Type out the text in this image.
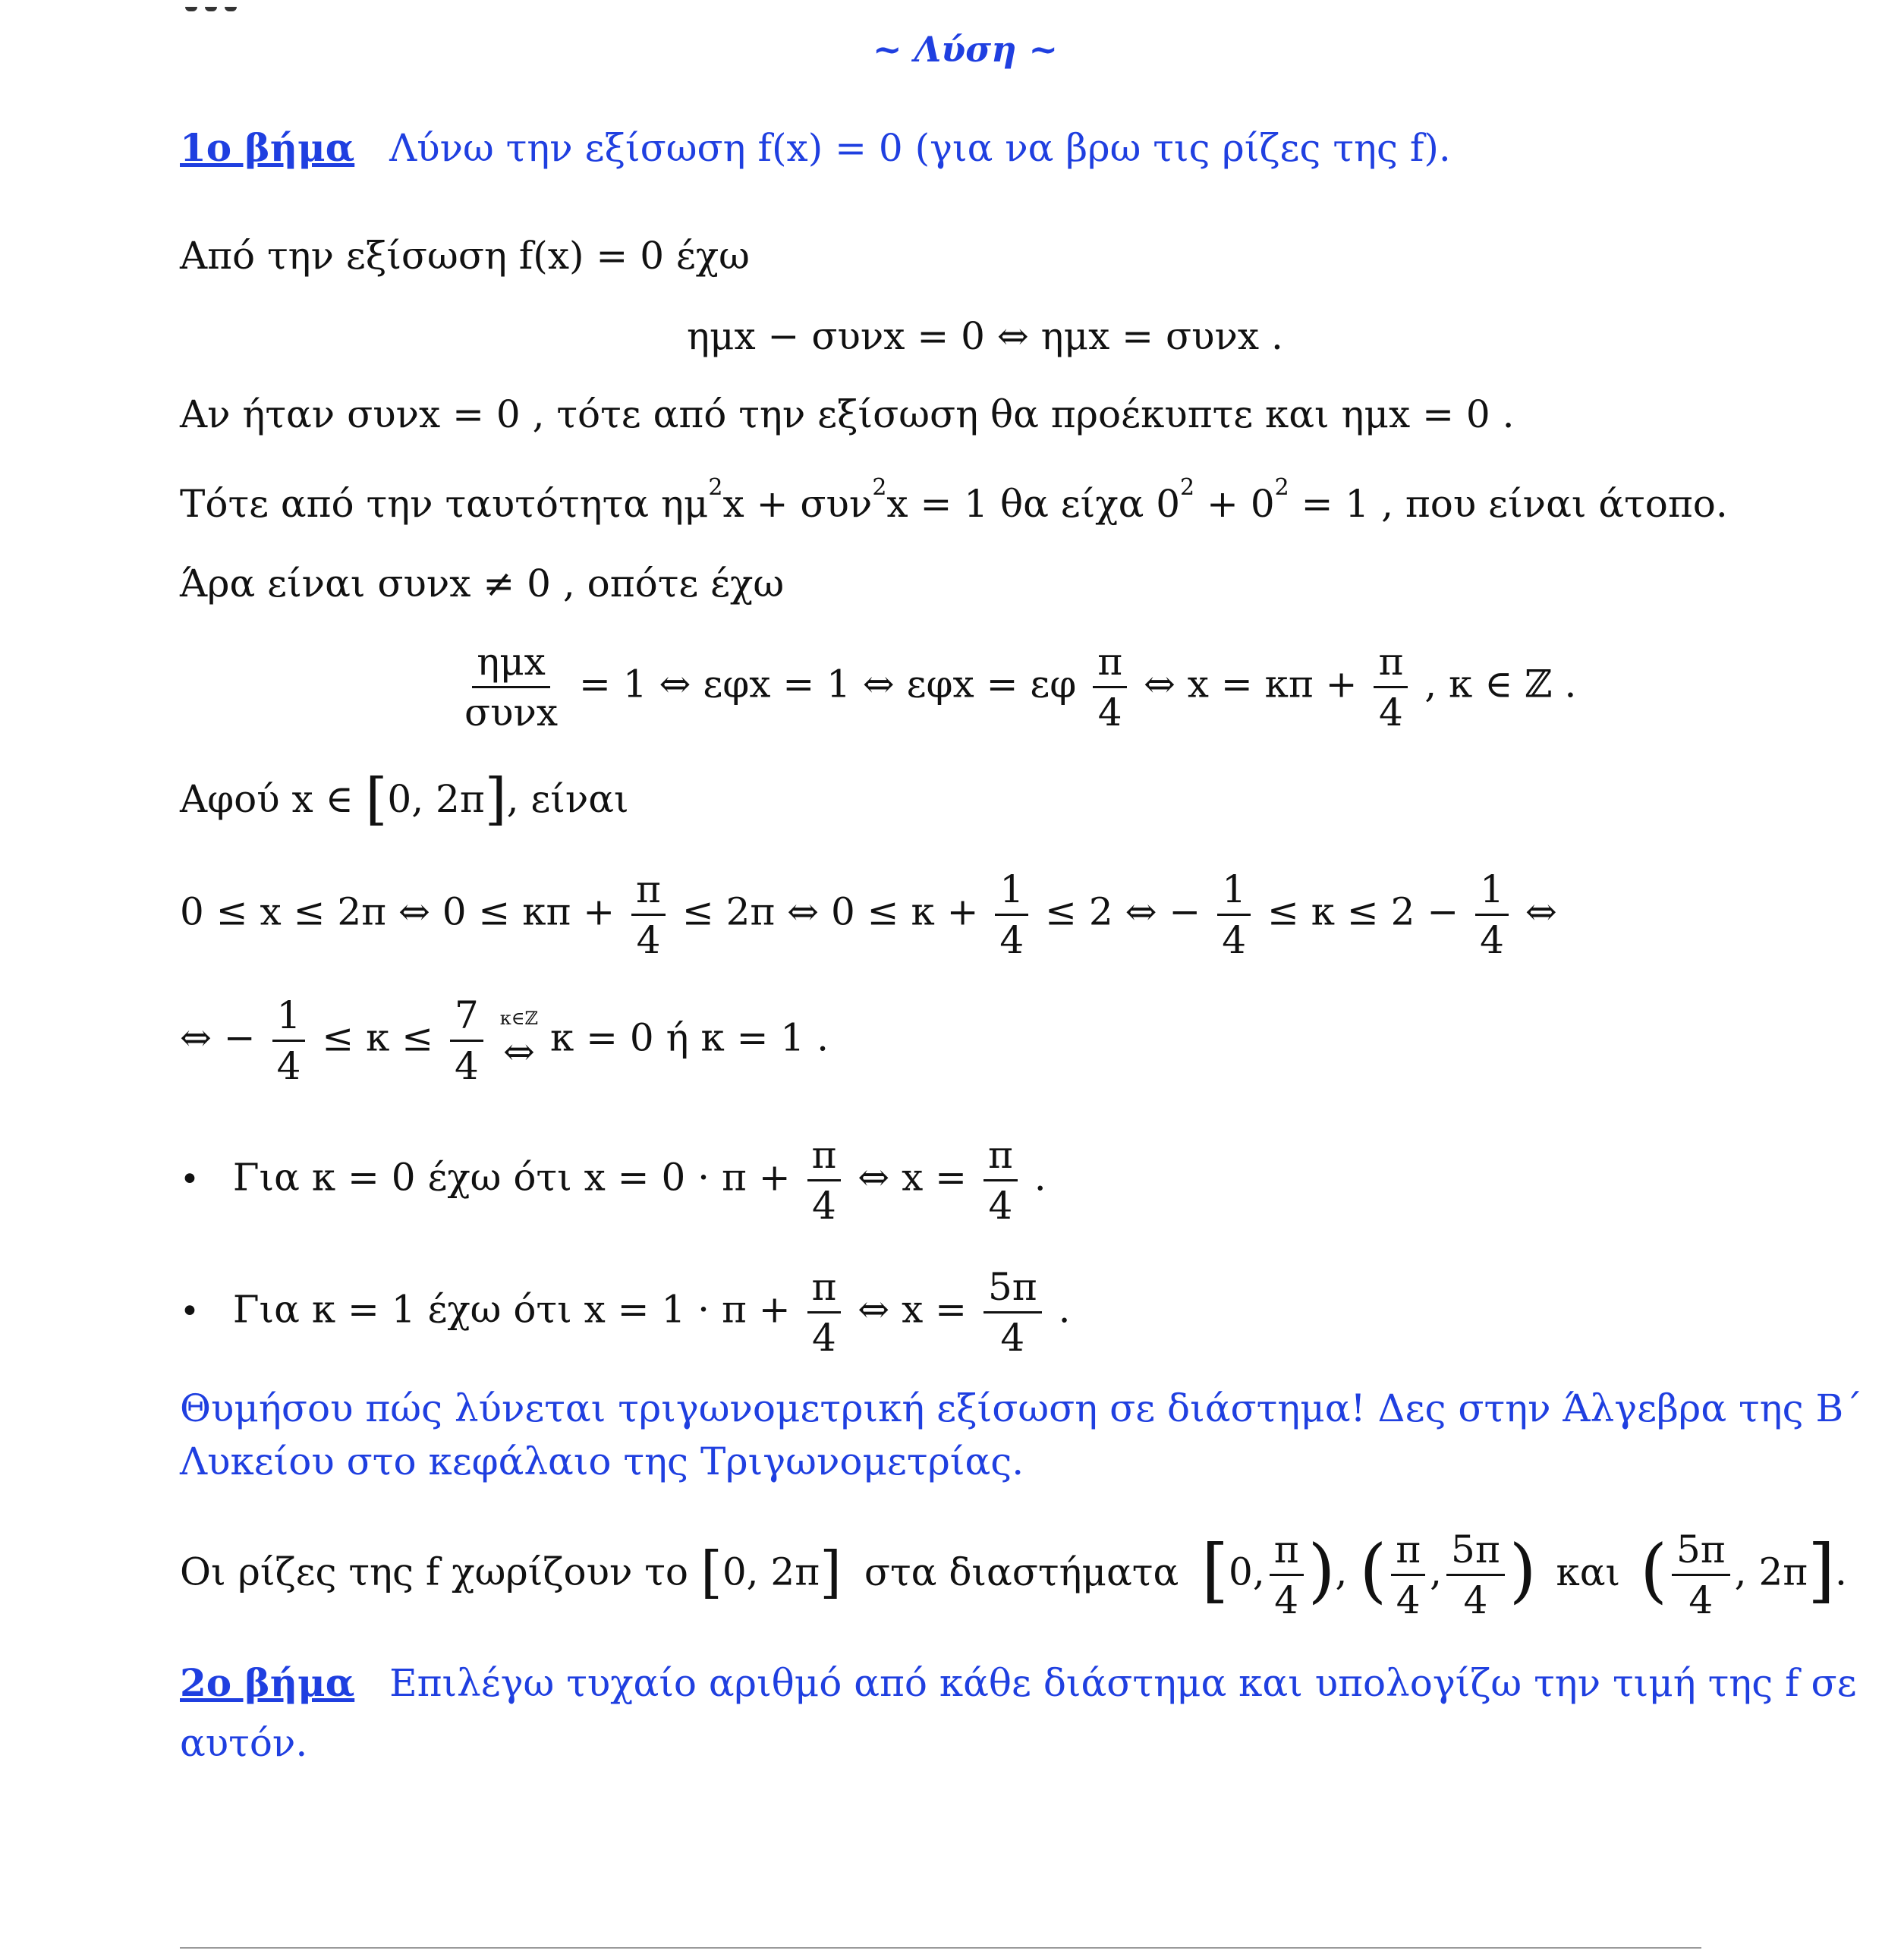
~ Λύση ~
1ο βήμα Λύνω την εξίσωση f(x) = 0 (για να βρω τις ρίζες της f).
Από την εξίσωση f(x) = 0 έχω
ημx − συνx = 0 ⇔ ημx = συνx .
Αν ήταν συνx = 0 , τότε από την εξίσωση θα προέκυπτε και ημx = 0 .
Τότε από την ταυτότητα $\eta\mu^2x + \sigma\upsilon\nu^2x = 1$ θα είχα $0^2 + 0^2 = 1$ , που είναι άτοπο.
Άρα είναι συνx ≠ 0 , οπότε έχω
$\frac{\text{ημx}}{\text{συνx}} = 1$ ⇔ εφx = 1 ⇔ εφx = εφ $\frac{\pi}{4}$ ⇔ $x = \kappa\pi + \frac{\pi}{4}$ , κ ∈ ℤ .
Αφού x ∈ [0, 2π], είναι
0 ≤ x ≤ 2π ⇔ $0 \le \kappa\pi + \frac{\pi}{4} \le 2\pi$ ⇔ $0 \le \kappa + \frac{1}{4} \le 2$ ⇔ − $\frac{1}{4} \le \kappa \le 2 - \frac{1}{4}$ ⇔
⇔ − $\frac{1}{4} \le \kappa \le \frac{7}{4}$
κ∈ℤ
⇔ κ = 0 ή κ = 1 .
• Για κ = 0 έχω ότι $x = 0 \cdot \pi + \frac{\pi}{4}$ ⇔ $x = \frac{\pi}{4}$ .
• Για κ = 1 έχω ότι $x = 1 \cdot \pi + \frac{\pi}{4}$ ⇔ $x = \frac{5\pi}{4}$ .
Θυμήσου πώς λύνεται τριγωνομετρική εξίσωση σε διάστημα! Δες στην Άλγεβρα της Β΄
Λυκείου στο κεφάλαιο της Τριγωνομετρίας.
Οι ρίζες της f χωρίζουν το [0, 2π] στα διαστήματα [0, $\frac{\pi}{4}$ ), ( $\frac{\pi}{4}$ , $\frac{5\pi}{4}$ ) και ( $\frac{5\pi}{4}$ , 2π].
2ο βήμα Επιλέγω τυχαίο αριθμό από κάθε διάστημα και υπολογίζω την τιμή της f σε
αυτόν.
